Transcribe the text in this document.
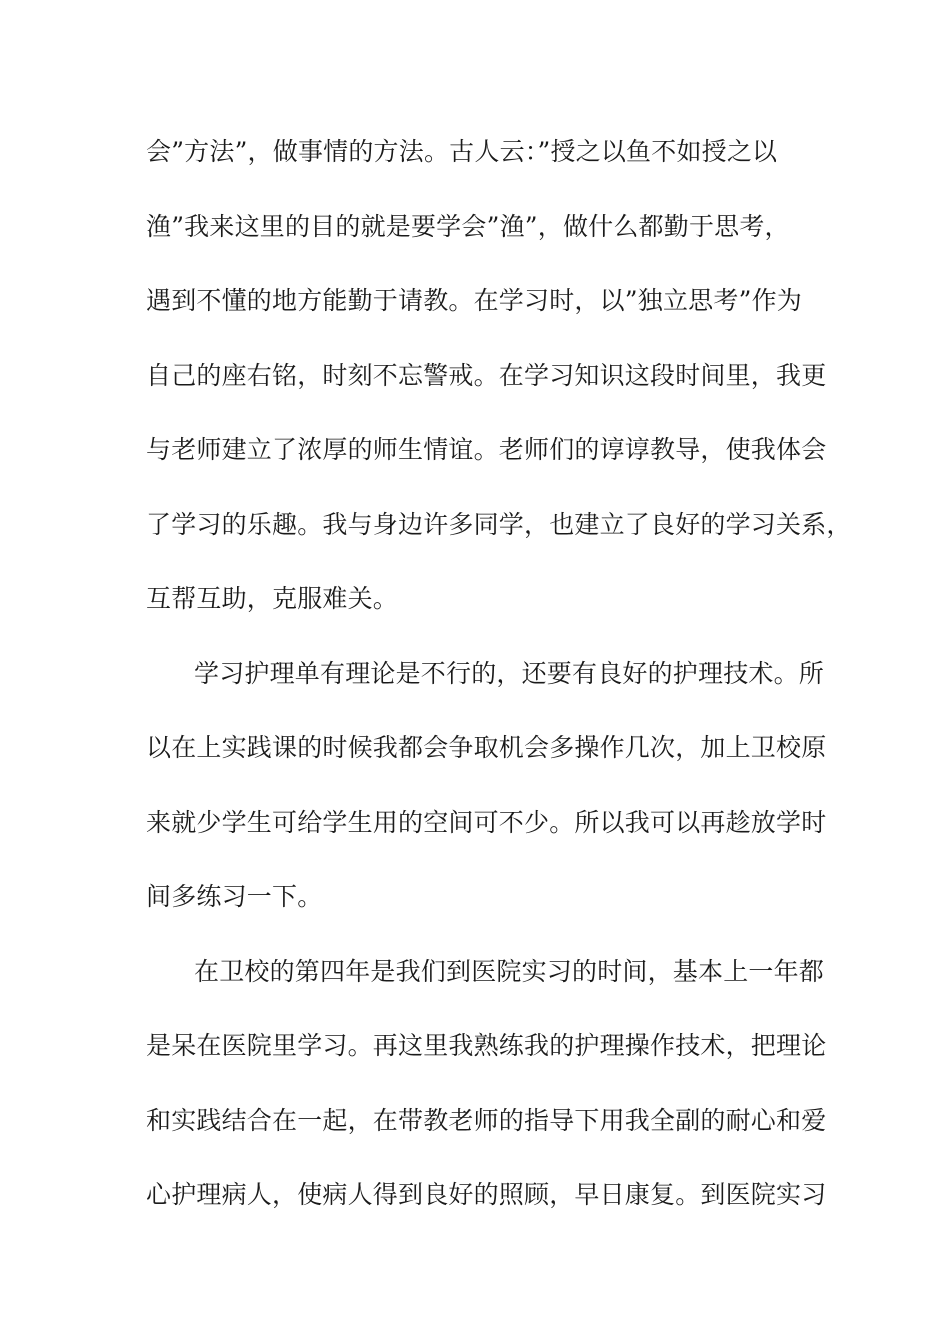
会”方法”，做事情的方法。古人云：”授之以鱼不如授之以
渔”我来这里的目的就是要学会”渔”，做什么都勤于思考，
遇到不懂的地方能勤于请教。在学习时，以”独立思考”作为
自己的座右铭，时刻不忘警戒。在学习知识这段时间里，我更
与老师建立了浓厚的师生情谊。老师们的谆谆教导，使我体会
了学习的乐趣。我与身边许多同学，也建立了良好的学习关系，
互帮互助，克服难关。
学习护理单有理论是不行的，还要有良好的护理技术。所
以在上实践课的时候我都会争取机会多操作几次，加上卫校原
来就少学生可给学生用的空间可不少。所以我可以再趁放学时
间多练习一下。
在卫校的第四年是我们到医院实习的时间，基本上一年都
是呆在医院里学习。再这里我熟练我的护理操作技术，把理论
和实践结合在一起，在带教老师的指导下用我全副的耐心和爱
心护理病人，使病人得到良好的照顾，早日康复。到医院实习
